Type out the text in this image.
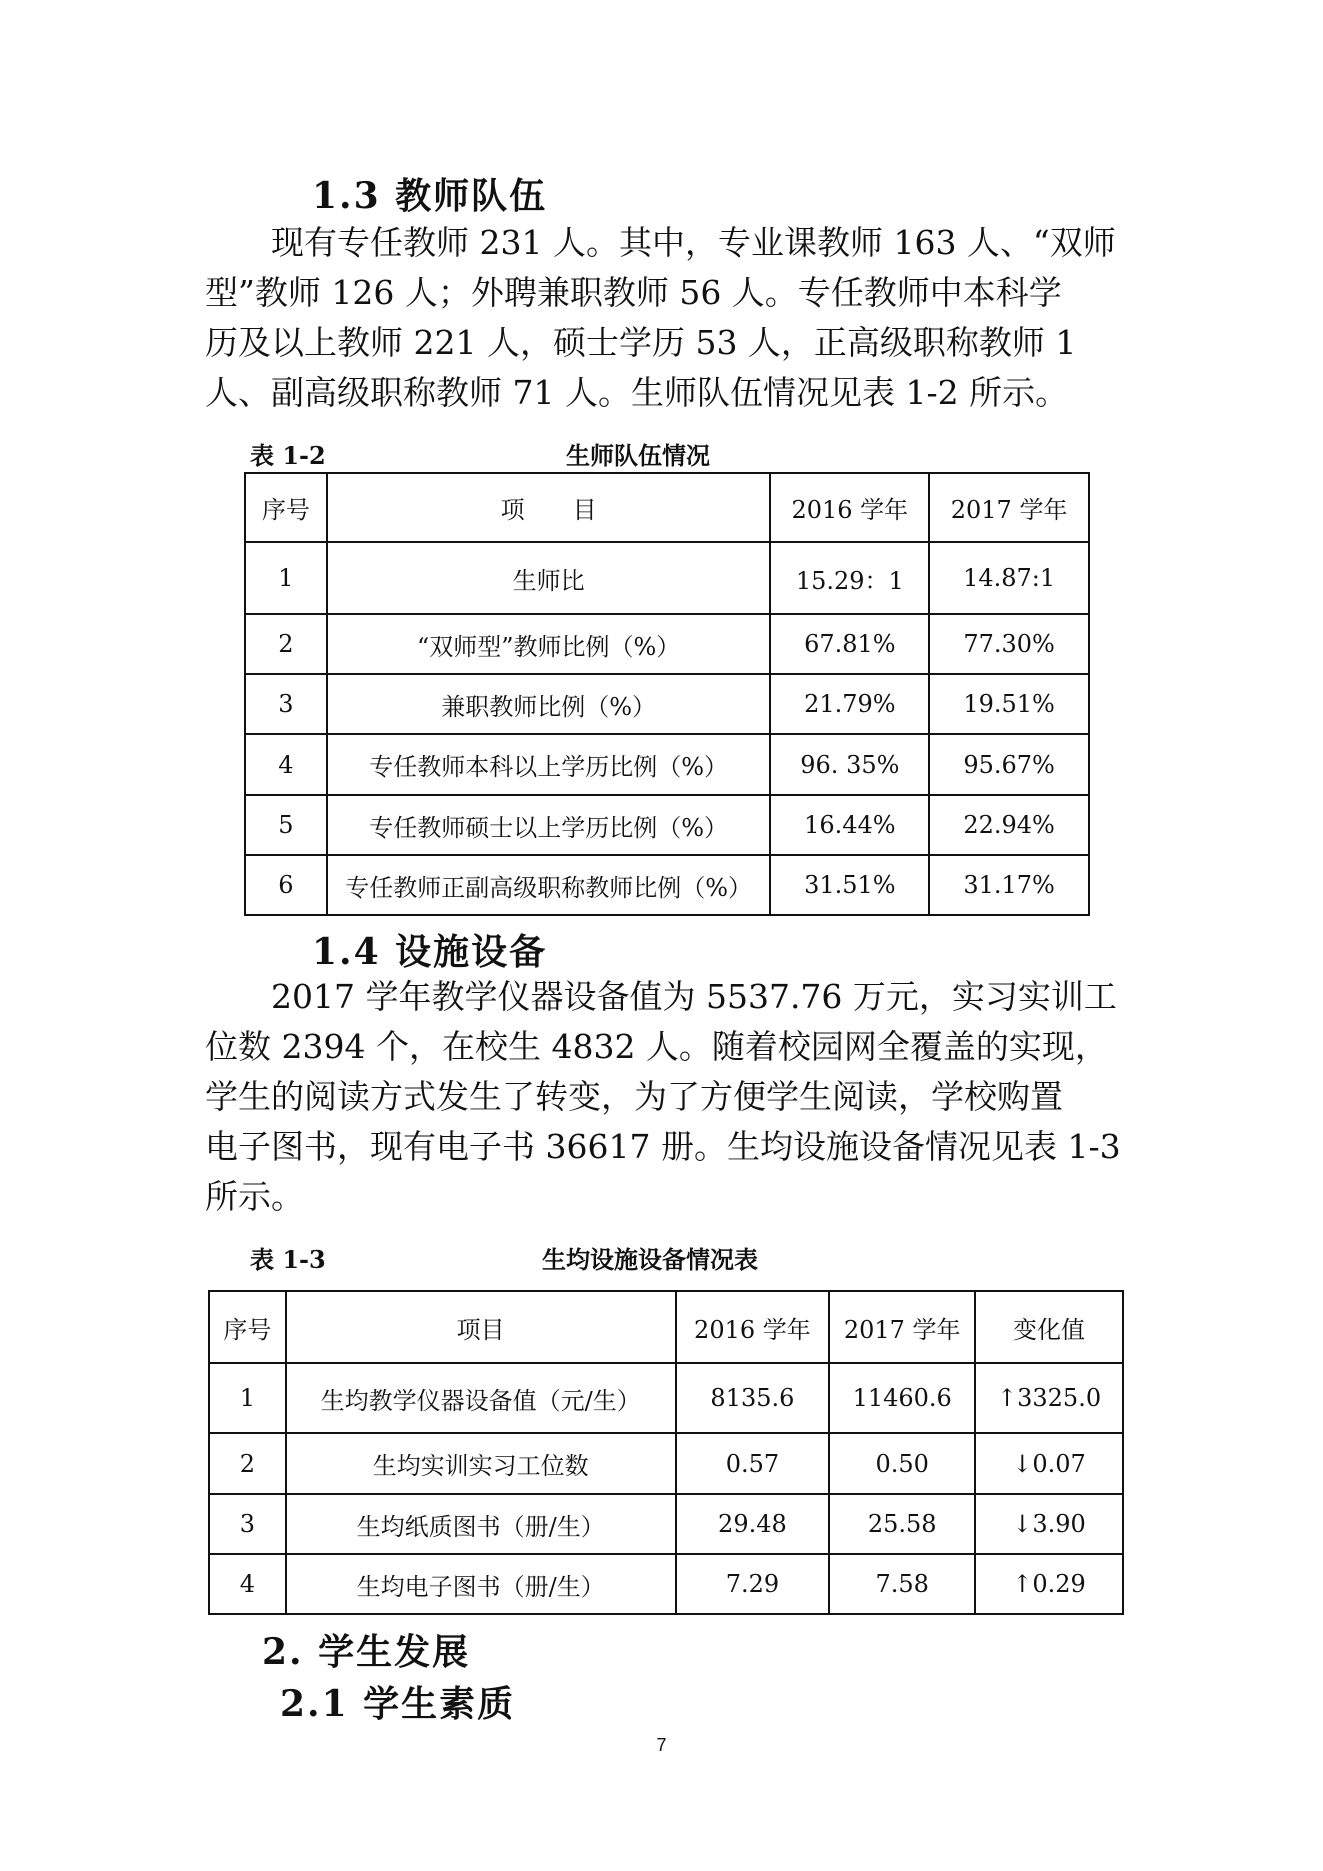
1.3 教师队伍
现有专任教师 231 人。其中，专业课教师 163 人、“双师
型”教师 126 人；外聘兼职教师 56 人。专任教师中本科学
历及以上教师 221 人，硕士学历 53 人，正高级职称教师 1
人、副高级职称教师 71 人。生师队伍情况见表 1-2 所示。
表 1-2	生师队伍情况
序号	项　　目	2016 学年	2017 学年
1	生师比	15.29：1	14.87:1
2	“双师型”教师比例（%）	67.81%	77.30%
3	兼职教师比例（%）	21.79%	19.51%
4	专任教师本科以上学历比例（%）	96. 35%	95.67%
5	专任教师硕士以上学历比例（%）	16.44%	22.94%
6	专任教师正副高级职称教师比例（%）	31.51%	31.17%
1.4 设施设备
2017 学年教学仪器设备值为 5537.76 万元，实习实训工
位数 2394 个，在校生 4832 人。随着校园网全覆盖的实现，
学生的阅读方式发生了转变，为了方便学生阅读，学校购置
电子图书，现有电子书 36617 册。生均设施设备情况见表 1-3
所示。
表 1-3	生均设施设备情况表
序号	项目	2016 学年	2017 学年	变化值
1	生均教学仪器设备值（元/生）	8135.6	11460.6	↑3325.0
2	生均实训实习工位数	0.57	0.50	↓0.07
3	生均纸质图书（册/生）	29.48	25.58	↓3.90
4	生均电子图书（册/生）	7.29	7.58	↑0.29
2. 学生发展
2.1 学生素质
7
